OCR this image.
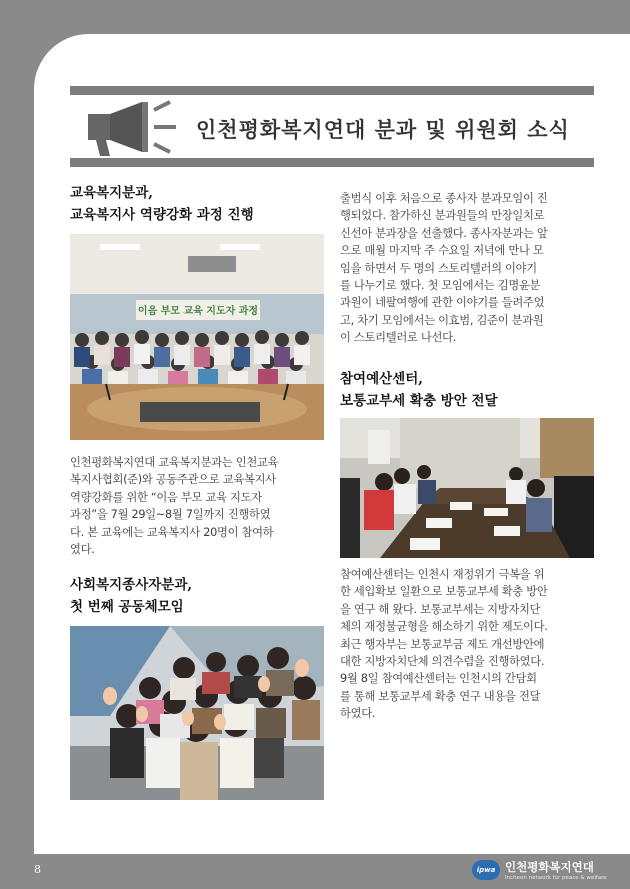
인천평화복지연대 분과 및 위원회 소식
교육복지분과,
교육복지사 역량강화 과정 진행
이음 부모 교육 지도자 과정

인천평화복지연대 교육복지분과는 인천교육
복지사협회(준)와 공동주관으로 교육복지사
역량강화를 위한 “이음 부모 교육 지도자
과정”을 7월 29일~8월 7일까지 진행하였
다. 본 교육에는 교육복지사 20명이 참여하
였다.

사회복지종사자분과,
첫 번째 공동체모임

출범식 이후 처음으로 종사자 분과모임이 진
행되었다. 참가하신 분과원들의 만장일치로
신선아 분과장을 선출했다. 종사자분과는 앞
으로 매월 마지막 주 수요일 저녁에 만나 모
임을 하면서 두 명의 스토리텔러의 이야기
를 나누기로 했다. 첫 모임에서는 김명윤분
과원이 네팔여행에 관한 이야기를 들려주었
고, 차기 모임에서는 이효범, 김준이 분과원
이 스토리텔러로 나선다.

참여예산센터,
보통교부세 확충 방안 전달

참여예산센터는 인천시 재정위기 극복을 위
한 세입확보 일환으로 보통교부세 확충 방안
을 연구 해 왔다. 보통교부세는 지방자치단
체의 재정불균형을 해소하기 위한 제도이다.
최근 행자부는 보통교부금 제도 개선방안에
대한 지방자치단체 의견수렴을 진행하였다.
9월 8일 참여예산센터는 인천시의 간담회
를 통해 보통교부세 확충 연구 내용을 전달
하였다.

8	ipwa 인천평화복지연대
Incheon network for peace & welfare
